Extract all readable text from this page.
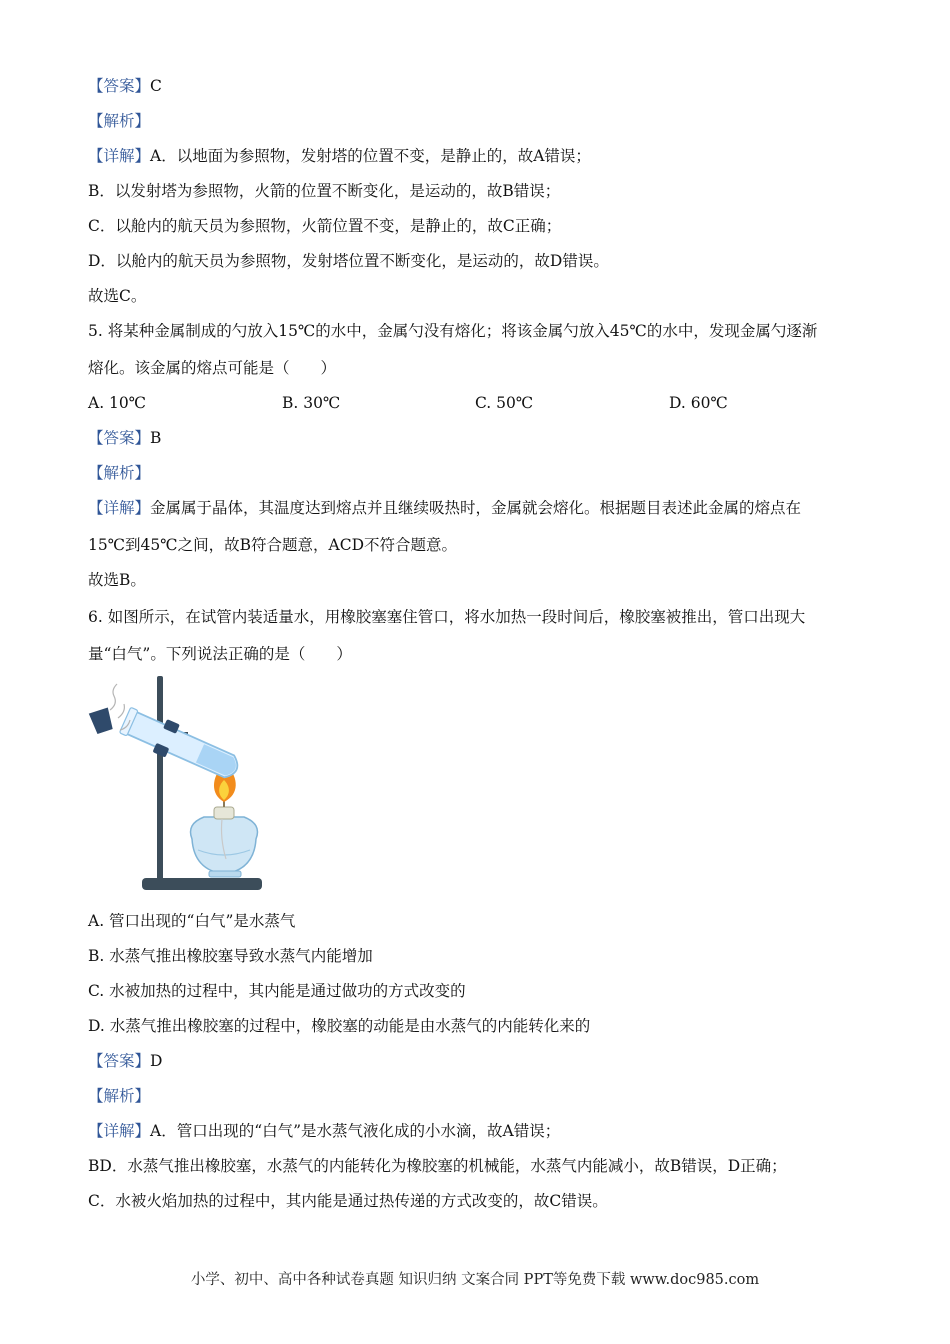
【答案】C
【解析】
【详解】A．以地面为参照物，发射塔的位置不变，是静止的，故A错误；
B．以发射塔为参照物，火箭的位置不断变化，是运动的，故B错误；
C．以舱内的航天员为参照物，火箭位置不变，是静止的，故C正确；
D．以舱内的航天员为参照物，发射塔位置不断变化，是运动的，故D错误。
故选C。
5. 将某种金属制成的勺放入15℃的水中，金属勺没有熔化；将该金属勺放入45℃的水中，发现金属勺逐渐
熔化。该金属的熔点可能是（　　）
A. 10℃	B. 30℃	C. 50℃	D. 60℃
【答案】B
【解析】
【详解】金属属于晶体，其温度达到熔点并且继续吸热时，金属就会熔化。根据题目表述此金属的熔点在
15℃到45℃之间，故B符合题意，ACD不符合题意。
故选B。
6. 如图所示，在试管内装适量水，用橡胶塞塞住管口，将水加热一段时间后，橡胶塞被推出，管口出现大
量“白气”。下列说法正确的是（　　）
A. 管口出现的“白气”是水蒸气
B. 水蒸气推出橡胶塞导致水蒸气内能增加
C. 水被加热的过程中，其内能是通过做功的方式改变的
D. 水蒸气推出橡胶塞的过程中，橡胶塞的动能是由水蒸气的内能转化来的
【答案】D
【解析】
【详解】A．管口出现的“白气”是水蒸气液化成的小水滴，故A错误；
BD．水蒸气推出橡胶塞，水蒸气的内能转化为橡胶塞的机械能，水蒸气内能减小，故B错误，D正确；
C．水被火焰加热的过程中，其内能是通过热传递的方式改变的，故C错误。
小学、初中、高中各种试卷真题 知识归纳 文案合同 PPT等免费下载 www.doc985.com
